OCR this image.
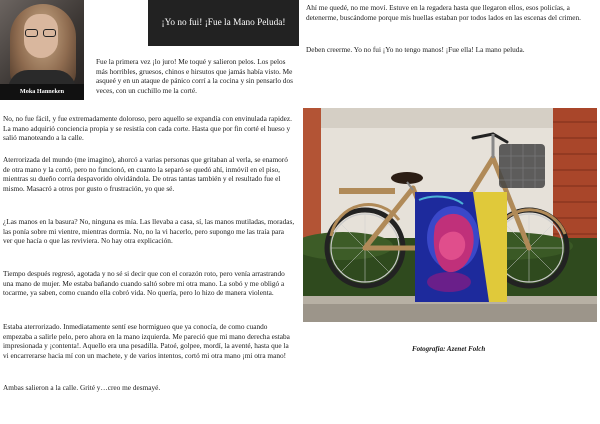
Moka Hanneken
¡Yo no fui! ¡Fue la Mano Peluda!

Fue la primera vez ¡lo juro! Me toqué y salieron pelos. Los pelos más horribles, gruesos, chinos e hirsutos que jamás había visto. Me asqueé y en un ataque de pánico corrí a la cocina y sin pensarlo dos veces, con un cuchillo me la corté.

No, no fue fácil, y fue extremadamente doloroso, pero aquello se expandía con envinulada rapidez. La mano adquirió conciencia propia y se resistía con cada corte. Hasta que por fin corté el hueso y salió manoteando a la calle.

Aterrorizada del mundo (me imagino), ahorcó a varias personas que gritaban al verla, se enamoró de otra mano y la cortó, pero no funcionó, en cuanto la separó se quedó ahí, inmóvil en el piso, mientras su dueño corría despavorido olvidándola. De otras tantas también y el resultado fue el mismo. Masacró a otros por gusto o frustración, yo que sé.

¿Las manos en la basura? No, ninguna es mía. Las llevaba a casa, sí, las manos mutiladas, moradas, las ponía sobre mi vientre, mientras dormía. No, no la vi hacerlo, pero supongo me las traía para ver que hacía o que las reviviera. No hay otra explicación.

Tiempo después regresó, agotada y no sé si decir que con el corazón roto, pero venía arrastrando una mano de mujer. Me estaba bañando cuando saltó sobre mi otra mano. La sobó y me obligó a tocarme, ya saben, como cuando ella cobró vida. No quería, pero lo hizo de manera violenta.

Estaba aterrorizado. Inmediatamente sentí ese hormigueo que ya conocía, de como cuando empezaba a salirle pelo, pero ahora en la mano izquierda. Me pareció que mi mano derecha estaba impresionada y ¡contenta!. Aquello era una pesadilla. Patoé, golpee, mordí, la aventé, hasta que la vi encarrerarse hacia mí con un machete, y de varios intentos, cortó mi otra mano ¡mi otra mano!

Ambas salieron a la calle. Grité y…creo me desmayé.

Ahí me quedé, no me moví. Estuve en la regadera hasta que llegaron ellos, esos policías, a detenerme, buscándome porque mis huellas estaban por todos lados en las escenas del crimen.

Deben creerme. Yo no fui ¡Yo no tengo manos! ¡Fue ella! La mano peluda.

Fotografía: Azenet Folch
